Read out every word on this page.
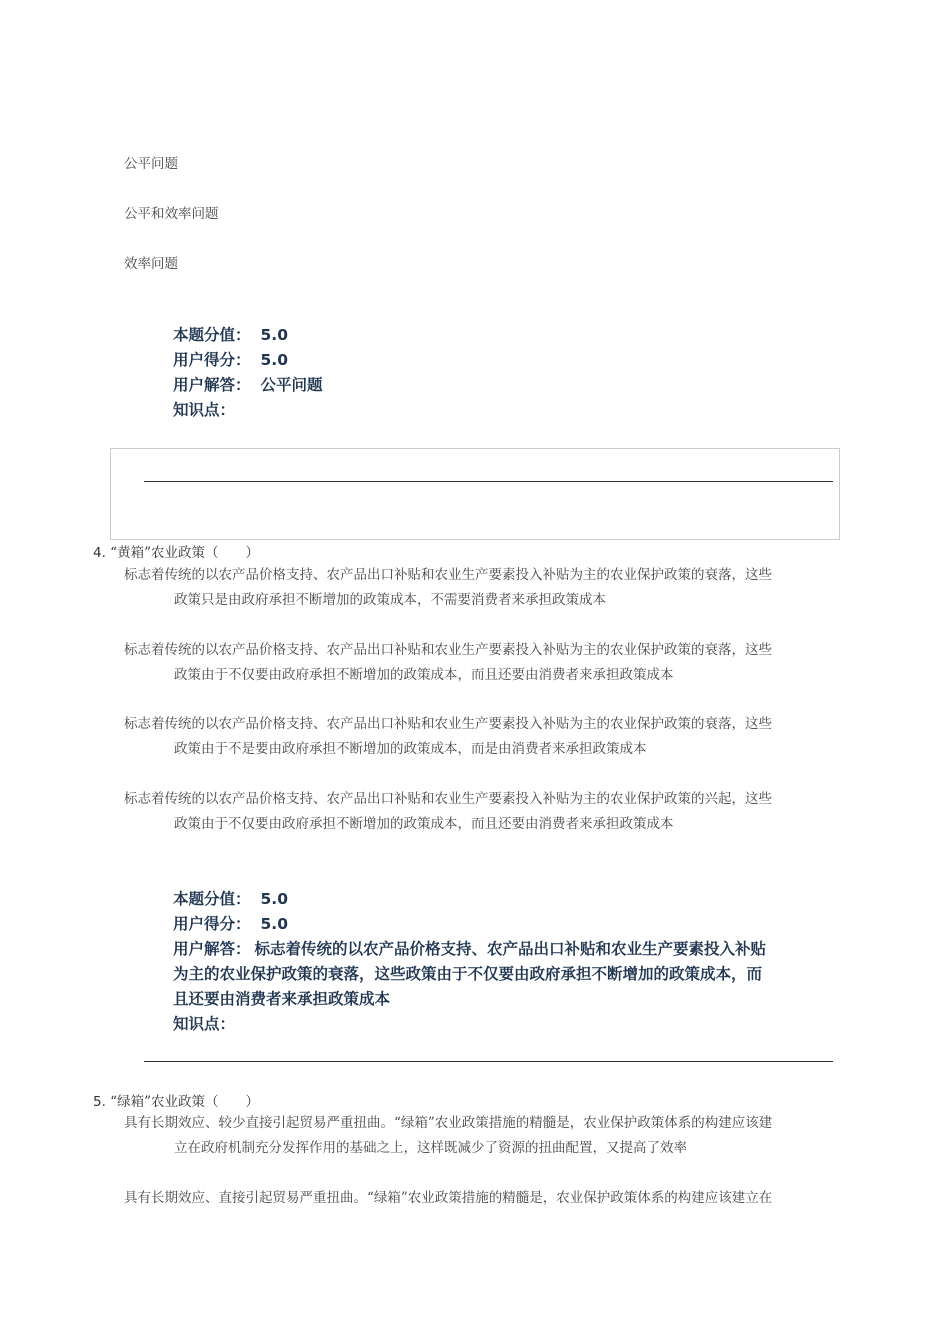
公平问题
公平和效率问题
效率问题
本题分值： 5.0
用户得分： 5.0
用户解答： 公平问题
知识点：
4. “黄箱”农业政策（　　）
标志着传统的以农产品价格支持、农产品出口补贴和农业生产要素投入补贴为主的农业保护政策的衰落，这些
政策只是由政府承担不断增加的政策成本，不需要消费者来承担政策成本
标志着传统的以农产品价格支持、农产品出口补贴和农业生产要素投入补贴为主的农业保护政策的衰落，这些
政策由于不仅要由政府承担不断增加的政策成本，而且还要由消费者来承担政策成本
标志着传统的以农产品价格支持、农产品出口补贴和农业生产要素投入补贴为主的农业保护政策的衰落，这些
政策由于不是要由政府承担不断增加的政策成本，而是由消费者来承担政策成本
标志着传统的以农产品价格支持、农产品出口补贴和农业生产要素投入补贴为主的农业保护政策的兴起，这些
政策由于不仅要由政府承担不断增加的政策成本，而且还要由消费者来承担政策成本
本题分值： 5.0
用户得分： 5.0
用户解答： 标志着传统的以农产品价格支持、农产品出口补贴和农业生产要素投入补贴
为主的农业保护政策的衰落，这些政策由于不仅要由政府承担不断增加的政策成本，而
且还要由消费者来承担政策成本
知识点：
5. “绿箱”农业政策（　　）
具有长期效应、较少直接引起贸易严重扭曲。“绿箱”农业政策措施的精髓是，农业保护政策体系的构建应该建
立在政府机制充分发挥作用的基础之上，这样既减少了资源的扭曲配置，又提高了效率
具有长期效应、直接引起贸易严重扭曲。“绿箱”农业政策措施的精髓是，农业保护政策体系的构建应该建立在
